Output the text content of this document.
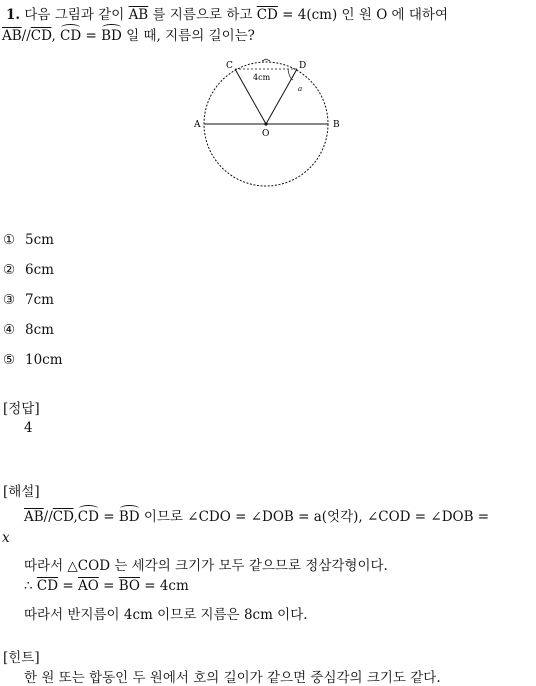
1. 다음 그림과 같이 $\overline{AB}$ 를 지름으로 하고 $\overline{CD} = 4(cm)$ 인 원 O 에 대하여
$\overline{AB}//\overline{CD}$, CD = BD 일 때, 지름의 길이는?
A	B
C	D
O
4cm
a
① 5cm
② 6cm
③ 7cm
④ 8cm
⑤ 10cm
[정답]
4
[해설]
$\overline{AB}//\overline{CD},CD$ = BD 이므로 ∠CDO = ∠DOB = a(엇각), ∠COD = ∠DOB =
x
따라서 △COD 는 세각의 크기가 모두 같으므로 정삼각형이다.
∴ $\overline{CD} = \overline{AO} = \overline{BO} = 4cm$
따라서 반지름이 4cm 이므로 지름은 8cm 이다.
[힌트]
한 원 또는 합동인 두 원에서 호의 길이가 같으면 중심각의 크기도 같다.
